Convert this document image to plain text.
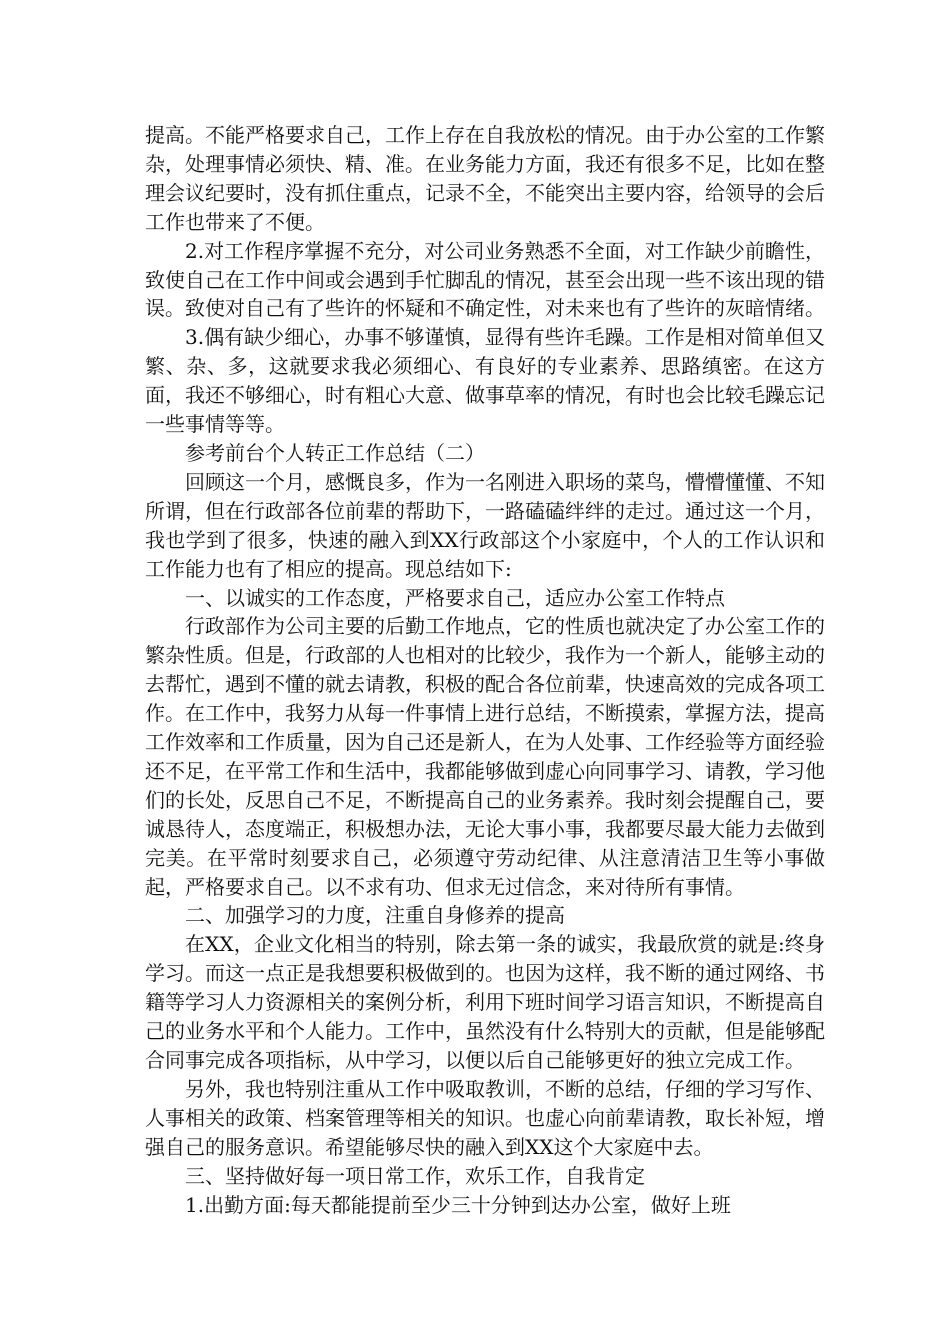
提高。不能严格要求自己，工作上存在自我放松的情况。由于办公室的工作繁杂，处理事情必须快、精、准。在业务能力方面，我还有很多不足，比如在整理会议纪要时，没有抓住重点，记录不全，不能突出主要内容，给领导的会后工作也带来了不便。

2.对工作程序掌握不充分，对公司业务熟悉不全面，对工作缺少前瞻性，致使自己在工作中间或会遇到手忙脚乱的情况，甚至会出现一些不该出现的错误。致使对自己有了些许的怀疑和不确定性，对未来也有了些许的灰暗情绪。

3.偶有缺少细心，办事不够谨慎，显得有些许毛躁。工作是相对简单但又繁、杂、多，这就要求我必须细心、有良好的专业素养、思路缜密。在这方面，我还不够细心，时有粗心大意、做事草率的情况，有时也会比较毛躁忘记一些事情等等。

参考前台个人转正工作总结（二）

回顾这一个月，感慨良多，作为一名刚进入职场的菜鸟，懵懵懂懂、不知所谓，但在行政部各位前辈的帮助下，一路磕磕绊绊的走过。通过这一个月，我也学到了很多，快速的融入到XX行政部这个小家庭中，个人的工作认识和工作能力也有了相应的提高。现总结如下:

一、以诚实的工作态度，严格要求自己，适应办公室工作特点

行政部作为公司主要的后勤工作地点，它的性质也就决定了办公室工作的繁杂性质。但是，行政部的人也相对的比较少，我作为一个新人，能够主动的去帮忙，遇到不懂的就去请教，积极的配合各位前辈，快速高效的完成各项工作。在工作中，我努力从每一件事情上进行总结，不断摸索，掌握方法，提高工作效率和工作质量，因为自己还是新人，在为人处事、工作经验等方面经验还不足，在平常工作和生活中，我都能够做到虚心向同事学习、请教，学习他们的长处，反思自己不足，不断提高自己的业务素养。我时刻会提醒自己，要诚恳待人，态度端正，积极想办法，无论大事小事，我都要尽最大能力去做到完美。在平常时刻要求自己，必须遵守劳动纪律、从注意清洁卫生等小事做起，严格要求自己。以不求有功、但求无过信念，来对待所有事情。

二、加强学习的力度，注重自身修养的提高

在XX，企业文化相当的特别，除去第一条的诚实，我最欣赏的就是:终身学习。而这一点正是我想要积极做到的。也因为这样，我不断的通过网络、书籍等学习人力资源相关的案例分析，利用下班时间学习语言知识，不断提高自己的业务水平和个人能力。工作中，虽然没有什么特别大的贡献，但是能够配合同事完成各项指标，从中学习，以便以后自己能够更好的独立完成工作。

另外，我也特别注重从工作中吸取教训，不断的总结，仔细的学习写作、人事相关的政策、档案管理等相关的知识。也虚心向前辈请教，取长补短，增强自己的服务意识。希望能够尽快的融入到XX这个大家庭中去。

三、坚持做好每一项日常工作，欢乐工作，自我肯定

1.出勤方面:每天都能提前至少三十分钟到达办公室，做好上班
